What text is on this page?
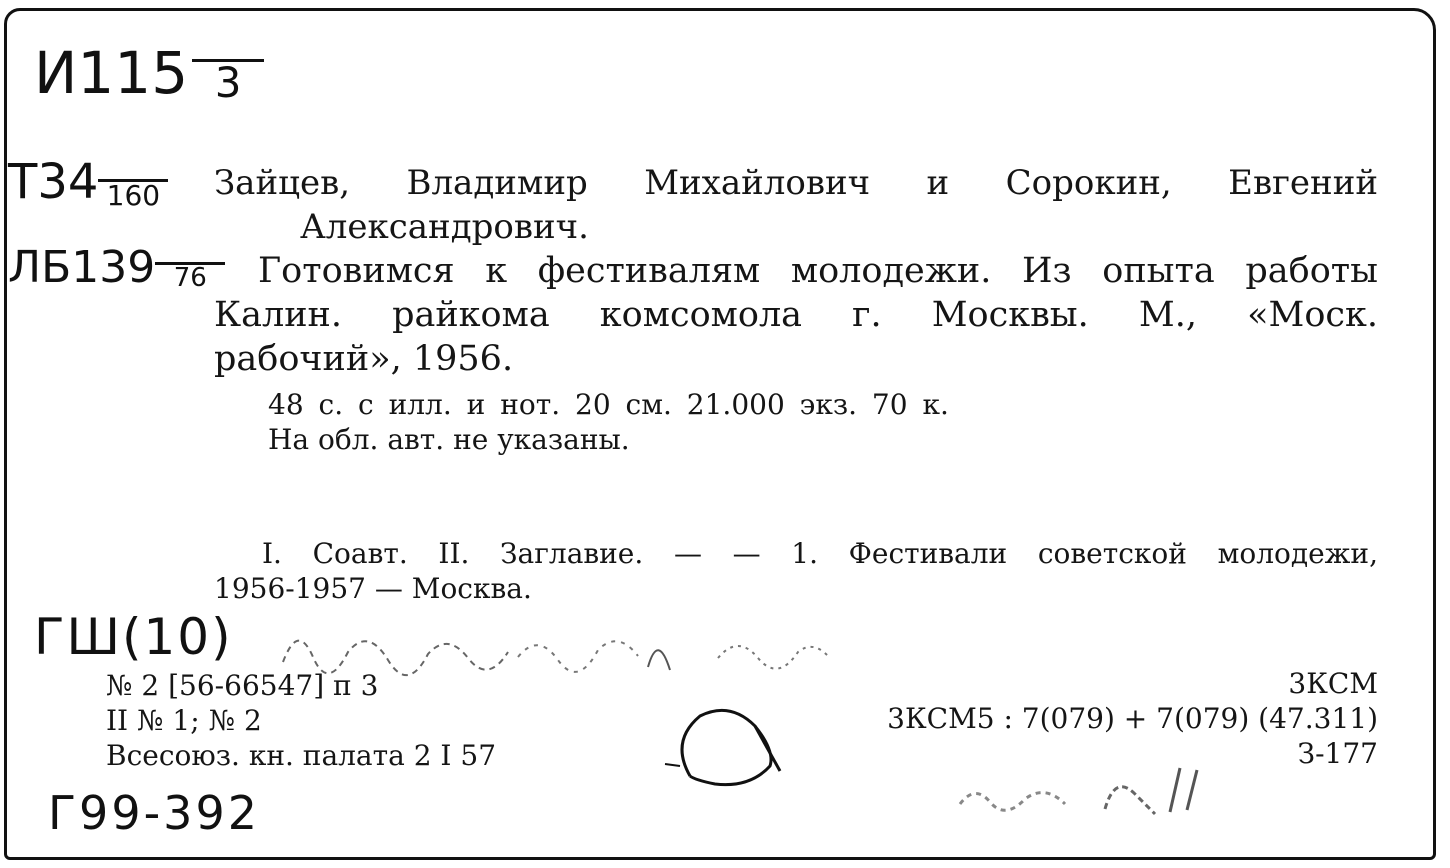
И115 3
Т34 160
ЛБ139 76
Зайцев, Владимир Михайлович и Сорокин, Евгений
Александрович.
Готовимся к фестивалям молодежи. Из опыта работы
Калин. райкома комсомола г. Москвы. М., «Моск.
рабочий», 1956.
48 с. с илл. и нот. 20 см. 21.000 экз. 70 к.
На обл. авт. не указаны.
I. Соавт. II. Заглавие. — — 1. Фестивали советской молодежи,
1956-1957 — Москва.
ГШ(10)
№ 2 [56-66547] п 3
II № 1; № 2
Всесоюз. кн. палата 2 I 57
3КСМ
3КСМ5 : 7(079) + 7(079) (47.311)
З-177
Г99-392
